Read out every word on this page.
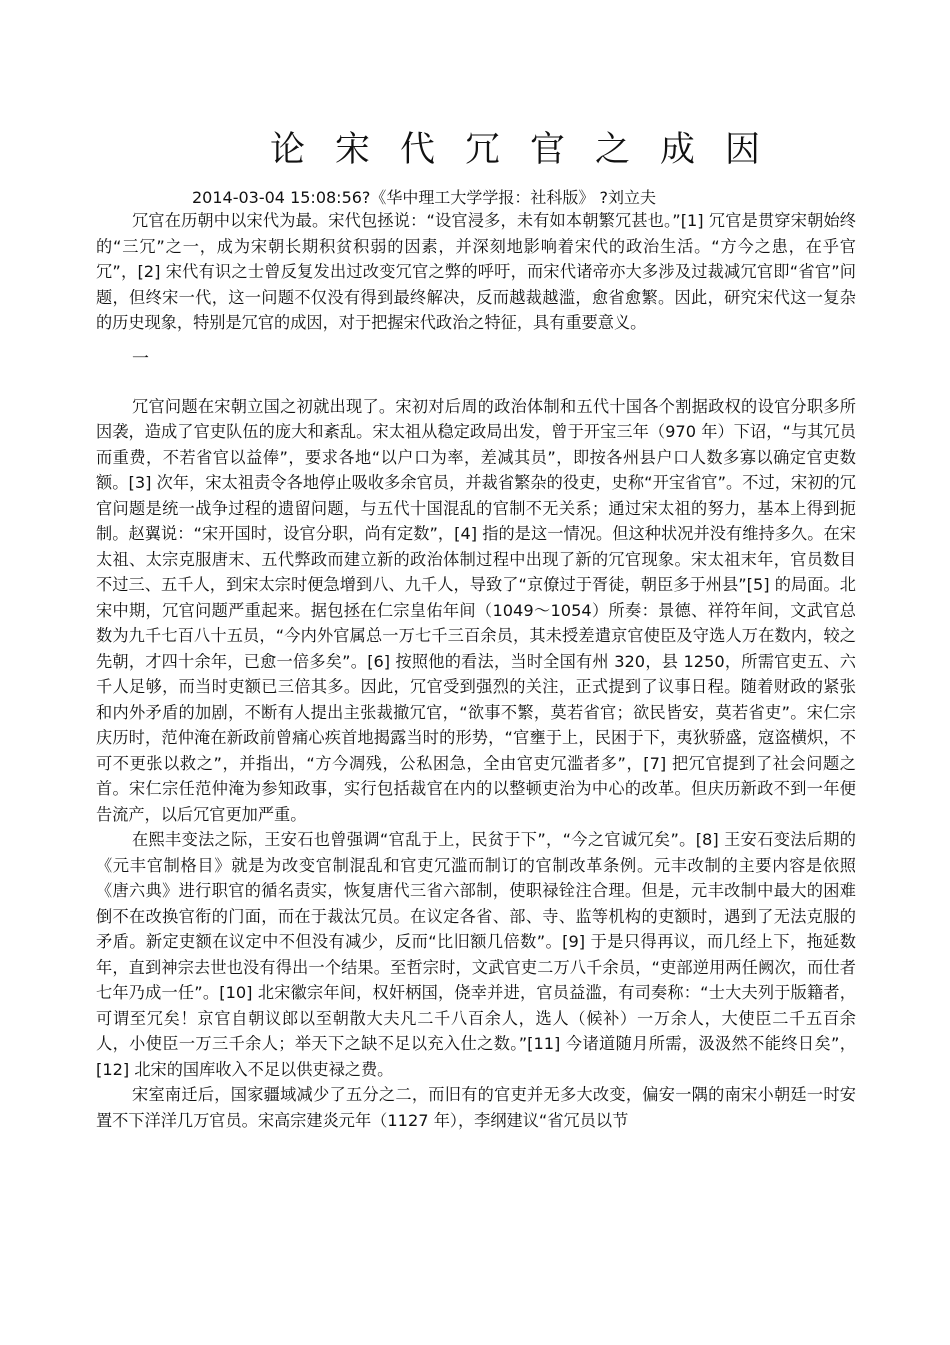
论宋代冗官之成因
2014-03-04 15:08:56?《华中理工大学学报：社科版》 ?刘立夫

冗官在历朝中以宋代为最。宋代包拯说：“设官浸多，未有如本朝繁冗甚也。”[1] 冗官是贯穿宋朝始终的“三冗”之一，成为宋朝长期积贫积弱的因素，并深刻地影响着宋代的政治生活。“方今之患，在乎官冗”，[2] 宋代有识之士曾反复发出过改变冗官之弊的呼吁，而宋代诸帝亦大多涉及过裁减冗官即“省官”问题，但终宋一代，这一问题不仅没有得到最终解决，反而越裁越滥，愈省愈繁。因此，研究宋代这一复杂的历史现象，特别是冗官的成因，对于把握宋代政治之特征，具有重要意义。

一

冗官问题在宋朝立国之初就出现了。宋初对后周的政治体制和五代十国各个割据政权的设官分职多所因袭，造成了官吏队伍的庞大和紊乱。宋太祖从稳定政局出发，曾于开宝三年（970 年）下诏，“与其冗员而重费，不若省官以益俸”，要求各地“以户口为率，差减其员”，即按各州县户口人数多寡以确定官吏数额。[3] 次年，宋太祖责令各地停止吸收多余官员，并裁省繁杂的役吏，史称“开宝省官”。不过，宋初的冗官问题是统一战争过程的遗留问题，与五代十国混乱的官制不无关系；通过宋太祖的努力，基本上得到扼制。赵翼说：“宋开国时，设官分职，尚有定数”，[4] 指的是这一情况。但这种状况并没有维持多久。在宋太祖、太宗克服唐末、五代弊政而建立新的政治体制过程中出现了新的冗官现象。宋太祖末年，官员数目不过三、五千人，到宋太宗时便急增到八、九千人，导致了“京僚过于胥徒，朝臣多于州县”[5] 的局面。北宋中期，冗官问题严重起来。据包拯在仁宗皇佑年间（1049～1054）所奏：景德、祥符年间，文武官总数为九千七百八十五员，“今内外官属总一万七千三百余员，其未授差遣京官使臣及守选人万在数内，较之先朝，才四十余年，已愈一倍多矣”。[6] 按照他的看法，当时全国有州 320，县 1250，所需官吏五、六千人足够，而当时吏额已三倍其多。因此，冗官受到强烈的关注，正式提到了议事日程。随着财政的紧张和内外矛盾的加剧，不断有人提出主张裁撤冗官，“欲事不繁，莫若省官；欲民皆安，莫若省吏”。宋仁宗庆历时，范仲淹在新政前曾痛心疾首地揭露当时的形势，“官壅于上，民困于下，夷狄骄盛，寇盗横炽，不可不更张以救之”，并指出，“方今凋残，公私困急，全由官吏冗滥者多”，[7] 把冗官提到了社会问题之首。宋仁宗任范仲淹为参知政事，实行包括裁官在内的以整顿吏治为中心的改革。但庆历新政不到一年便告流产，以后冗官更加严重。

在熙丰变法之际，王安石也曾强调“官乱于上，民贫于下”，“今之官诚冗矣”。[8] 王安石变法后期的《元丰官制格目》就是为改变官制混乱和官吏冗滥而制订的官制改革条例。元丰改制的主要内容是依照《唐六典》进行职官的循名责实，恢复唐代三省六部制，使职禄铨注合理。但是，元丰改制中最大的困难倒不在改换官衔的门面，而在于裁汰冗员。在议定各省、部、寺、监等机构的吏额时，遇到了无法克服的矛盾。新定吏额在议定中不但没有减少，反而“比旧额几倍数”。[9] 于是只得再议，而几经上下，拖延数年，直到神宗去世也没有得出一个结果。至哲宗时，文武官吏二万八千余员，“吏部逆用两任阙次，而仕者七年乃成一任”。[10] 北宋徽宗年间，权奸柄国，侥幸并进，官员益滥，有司奏称：“士大夫列于版籍者，可谓至冗矣！京官自朝议郎以至朝散大夫凡二千八百余人，选人（候补）一万余人，大使臣二千五百余人，小使臣一万三千余人；举天下之缺不足以充入仕之数。”[11] 今诸道随月所需，汲汲然不能终日矣”，[12] 北宋的国库收入不足以供吏禄之费。

宋室南迁后，国家疆域减少了五分之二，而旧有的官吏并无多大改变，偏安一隅的南宋小朝廷一时安置不下洋洋几万官员。宋高宗建炎元年（1127 年），李纲建议“省冗员以节
